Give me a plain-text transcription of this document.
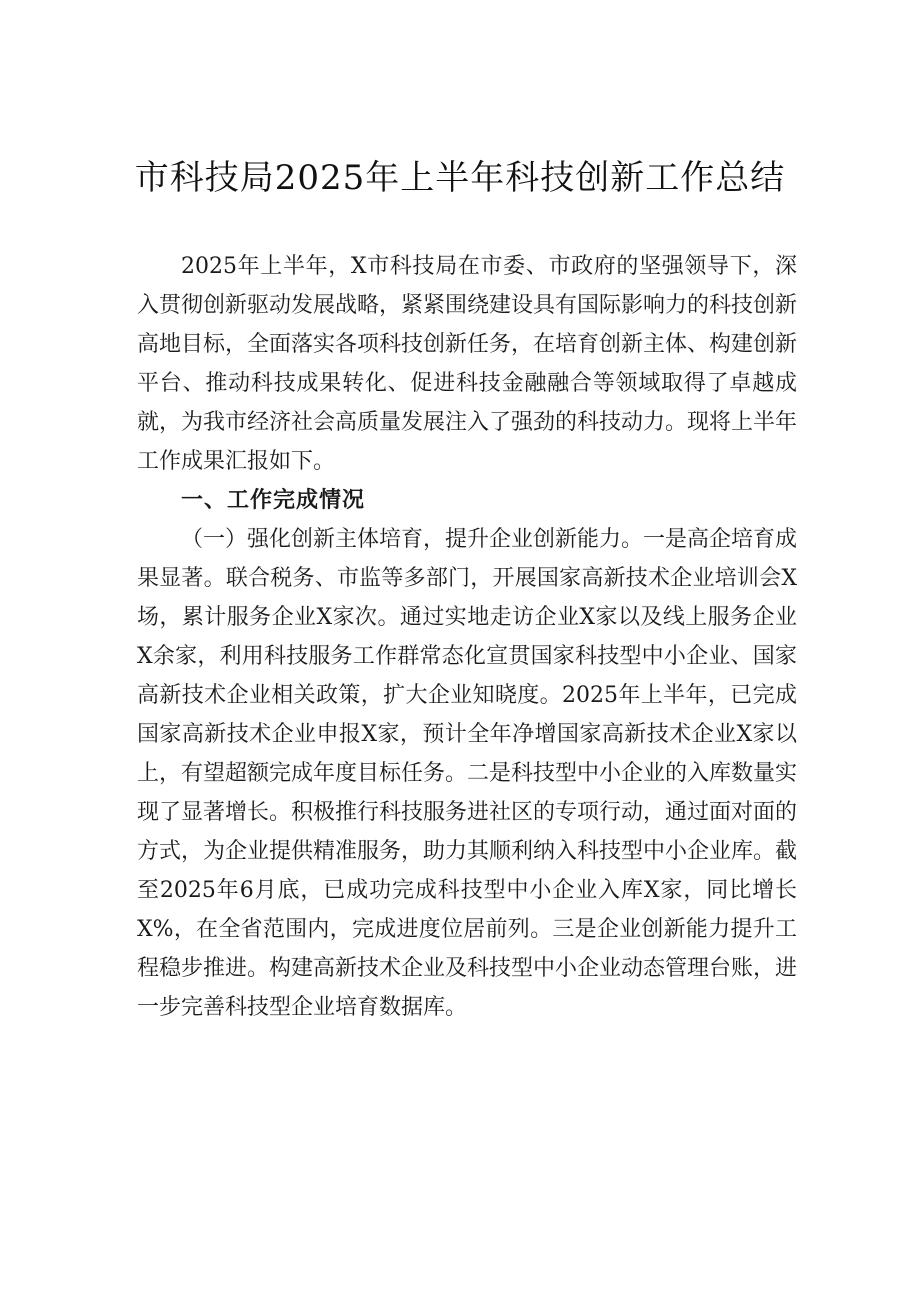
市科技局2025年上半年科技创新工作总结

2025年上半年，X市科技局在市委、市政府的坚强领导下，深入贯彻创新驱动发展战略，紧紧围绕建设具有国际影响力的科技创新高地目标，全面落实各项科技创新任务，在培育创新主体、构建创新平台、推动科技成果转化、促进科技金融融合等领域取得了卓越成就，为我市经济社会高质量发展注入了强劲的科技动力。现将上半年工作成果汇报如下。

一、工作完成情况

（一）强化创新主体培育，提升企业创新能力。一是高企培育成果显著。联合税务、市监等多部门，开展国家高新技术企业培训会X场，累计服务企业X家次。通过实地走访企业X家以及线上服务企业X余家，利用科技服务工作群常态化宣贯国家科技型中小企业、国家高新技术企业相关政策，扩大企业知晓度。2025年上半年，已完成国家高新技术企业申报X家，预计全年净增国家高新技术企业X家以上，有望超额完成年度目标任务。二是科技型中小企业的入库数量实现了显著增长。积极推行科技服务进社区的专项行动，通过面对面的方式，为企业提供精准服务，助力其顺利纳入科技型中小企业库。截至2025年6月底，已成功完成科技型中小企业入库X家，同比增长X%，在全省范围内，完成进度位居前列。三是企业创新能力提升工程稳步推进。构建高新技术企业及科技型中小企业动态管理台账，进一步完善科技型企业培育数据库。
